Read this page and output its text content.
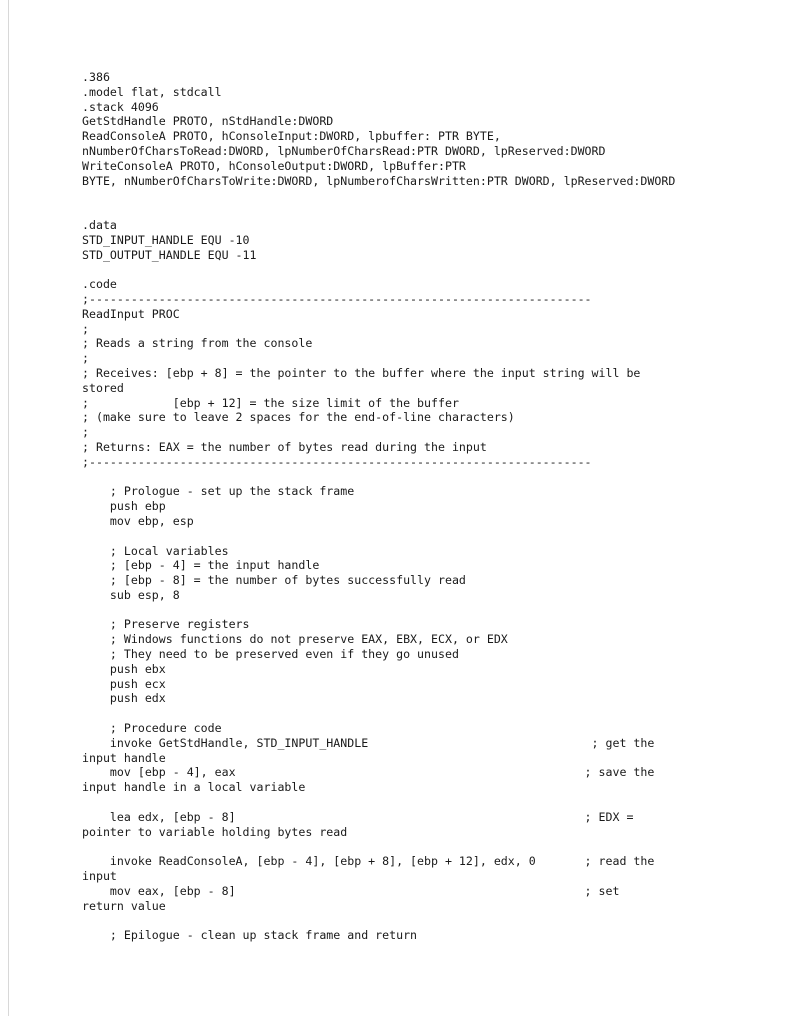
.386
.model flat, stdcall
.stack 4096
GetStdHandle PROTO, nStdHandle:DWORD
ReadConsoleA PROTO, hConsoleInput:DWORD, lpbuffer: PTR BYTE,
nNumberOfCharsToRead:DWORD, lpNumberOfCharsRead:PTR DWORD, lpReserved:DWORD
WriteConsoleA PROTO, hConsoleOutput:DWORD, lpBuffer:PTR
BYTE, nNumberOfCharsToWrite:DWORD, lpNumberofCharsWritten:PTR DWORD, lpReserved:DWORD
.data
STD_INPUT_HANDLE EQU -10
STD_OUTPUT_HANDLE EQU -11
.code
;------------------------------------------------------------------------
ReadInput PROC
;
; Reads a string from the console
;
; Receives: [ebp + 8] = the pointer to the buffer where the input string will be
stored
;            [ebp + 12] = the size limit of the buffer
; (make sure to leave 2 spaces for the end-of-line characters)
;
; Returns: EAX = the number of bytes read during the input
;------------------------------------------------------------------------
; Prologue - set up the stack frame
push ebp
mov ebp, esp
; Local variables
; [ebp - 4] = the input handle
; [ebp - 8] = the number of bytes successfully read
sub esp, 8
; Preserve registers
; Windows functions do not preserve EAX, EBX, ECX, or EDX
; They need to be preserved even if they go unused
push ebx
push ecx
push edx
; Procedure code
invoke GetStdHandle, STD_INPUT_HANDLE                                ; get the
input handle
mov [ebp - 4], eax                                                  ; save the
input handle in a local variable
lea edx, [ebp - 8]                                                  ; EDX =
pointer to variable holding bytes read
invoke ReadConsoleA, [ebp - 4], [ebp + 8], [ebp + 12], edx, 0       ; read the
input
mov eax, [ebp - 8]                                                  ; set
return value
; Epilogue - clean up stack frame and return
